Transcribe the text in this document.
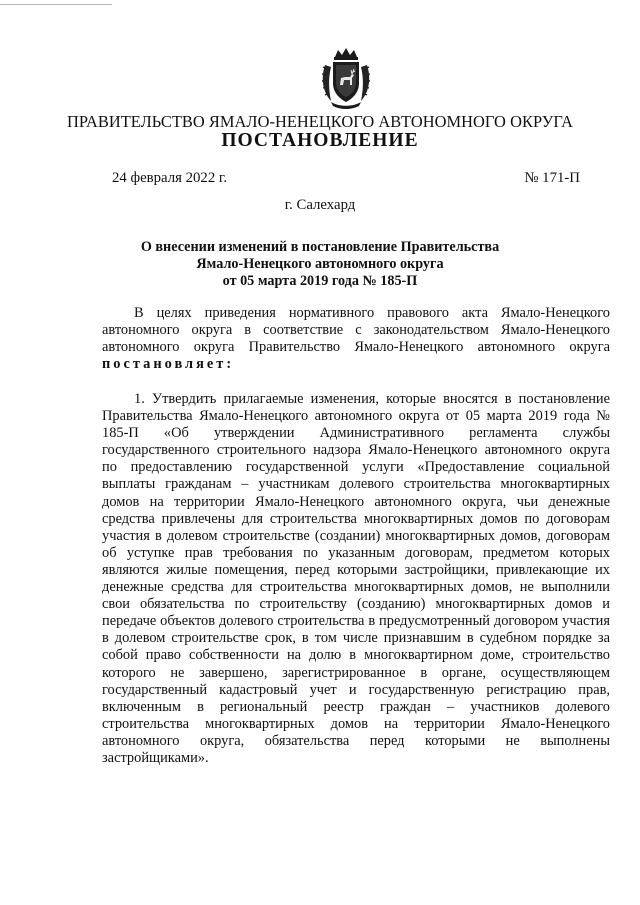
ПРАВИТЕЛЬСТВО ЯМАЛО-НЕНЕЦКОГО АВТОНОМНОГО ОКРУГА
ПОСТАНОВЛЕНИЕ
24 февраля 2022 г.	№ 171-П
г. Салехард
О внесении изменений в постановление Правительства
Ямало-Ненецкого автономного округа
от 05 марта 2019 года № 185-П
В целях приведения нормативного правового акта Ямало-Ненецкого автономного округа в соответствие с законодательством Ямало-Ненецкого автономного округа Правительство Ямало-Ненецкого автономного округа постановляет:
1. Утвердить прилагаемые изменения, которые вносятся в постановление Правительства Ямало-Ненецкого автономного округа от 05 марта 2019 года № 185-П «Об утверждении Административного регламента службы государственного строительного надзора Ямало-Ненецкого автономного округа по предоставлению государственной услуги «Предоставление социальной выплаты гражданам – участникам долевого строительства многоквартирных домов на территории Ямало-Ненецкого автономного округа, чьи денежные средства привлечены для строительства многоквартирных домов по договорам участия в долевом строительстве (создании) многоквартирных домов, договорам об уступке прав требования по указанным договорам, предметом которых являются жилые помещения, перед которыми застройщики, привлекающие их денежные средства для строительства многоквартирных домов, не выполнили свои обязательства по строительству (созданию) многоквартирных домов и передаче объектов долевого строительства в предусмотренный договором участия в долевом строительстве срок, в том числе признавшим в судебном порядке за собой право собственности на долю в многоквартирном доме, строительство которого не завершено, зарегистрированное в органе, осуществляющем государственный кадастровый учет и государственную регистрацию прав, включенным в региональный реестр граждан – участников долевого строительства многоквартирных домов на территории Ямало-Ненецкого автономного округа, обязательства перед которыми не выполнены застройщиками».
